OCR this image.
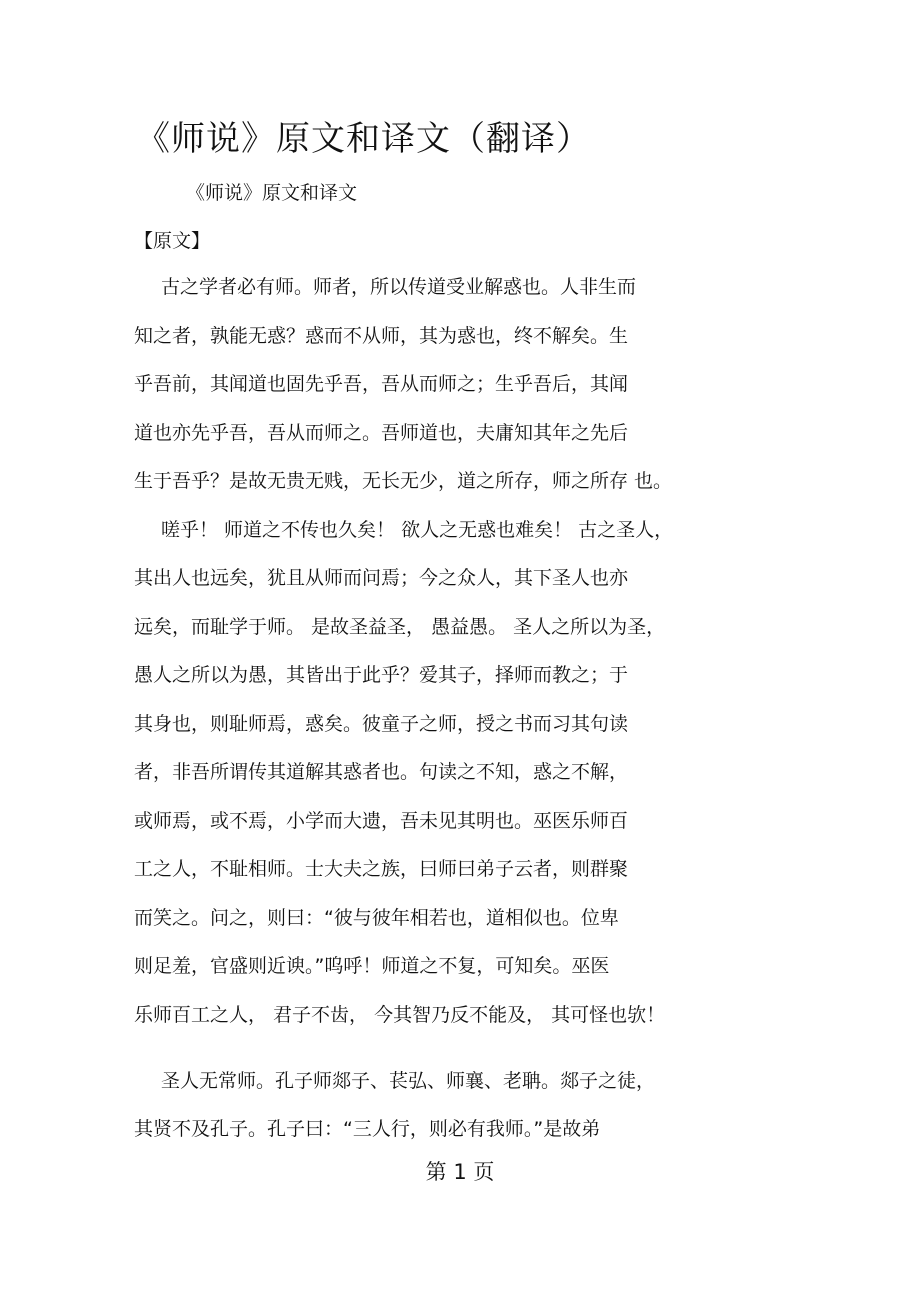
《师说》原文和译文（翻译）
《师说》原文和译文
【原文】
古之学者必有师。师者，所以传道受业解惑也。人非生而
知之者，孰能无惑？惑而不从师，其为惑也，终不解矣。生
乎吾前，其闻道也固先乎吾，吾从而师之；生乎吾后，其闻
道也亦先乎吾，吾从而师之。吾师道也，夫庸知其年之先后
生于吾乎？是故无贵无贱，无长无少，道之所存，师之所存 也。
嗟乎！ 师道之不传也久矣！ 欲人之无惑也难矣！ 古之圣人，
其出人也远矣，犹且从师而问焉；今之众人，其下圣人也亦
远矣，而耻学于师。 是故圣益圣， 愚益愚。 圣人之所以为圣，
愚人之所以为愚，其皆出于此乎？爱其子，择师而教之；于
其身也，则耻师焉，惑矣。彼童子之师，授之书而习其句读
者，非吾所谓传其道解其惑者也。句读之不知，惑之不解，
或师焉，或不焉，小学而大遗，吾未见其明也。巫医乐师百
工之人，不耻相师。士大夫之族，曰师曰弟子云者，则群聚
而笑之。问之，则曰：“彼与彼年相若也，道相似也。位卑
则足羞，官盛则近谀。”呜呼！师道之不复，可知矣。巫医
乐师百工之人， 君子不齿， 今其智乃反不能及， 其可怪也欤！
圣人无常师。孔子师郯子、苌弘、师襄、老聃。郯子之徒，
其贤不及孔子。孔子曰：“三人行，则必有我师。”是故弟
第 1 页
